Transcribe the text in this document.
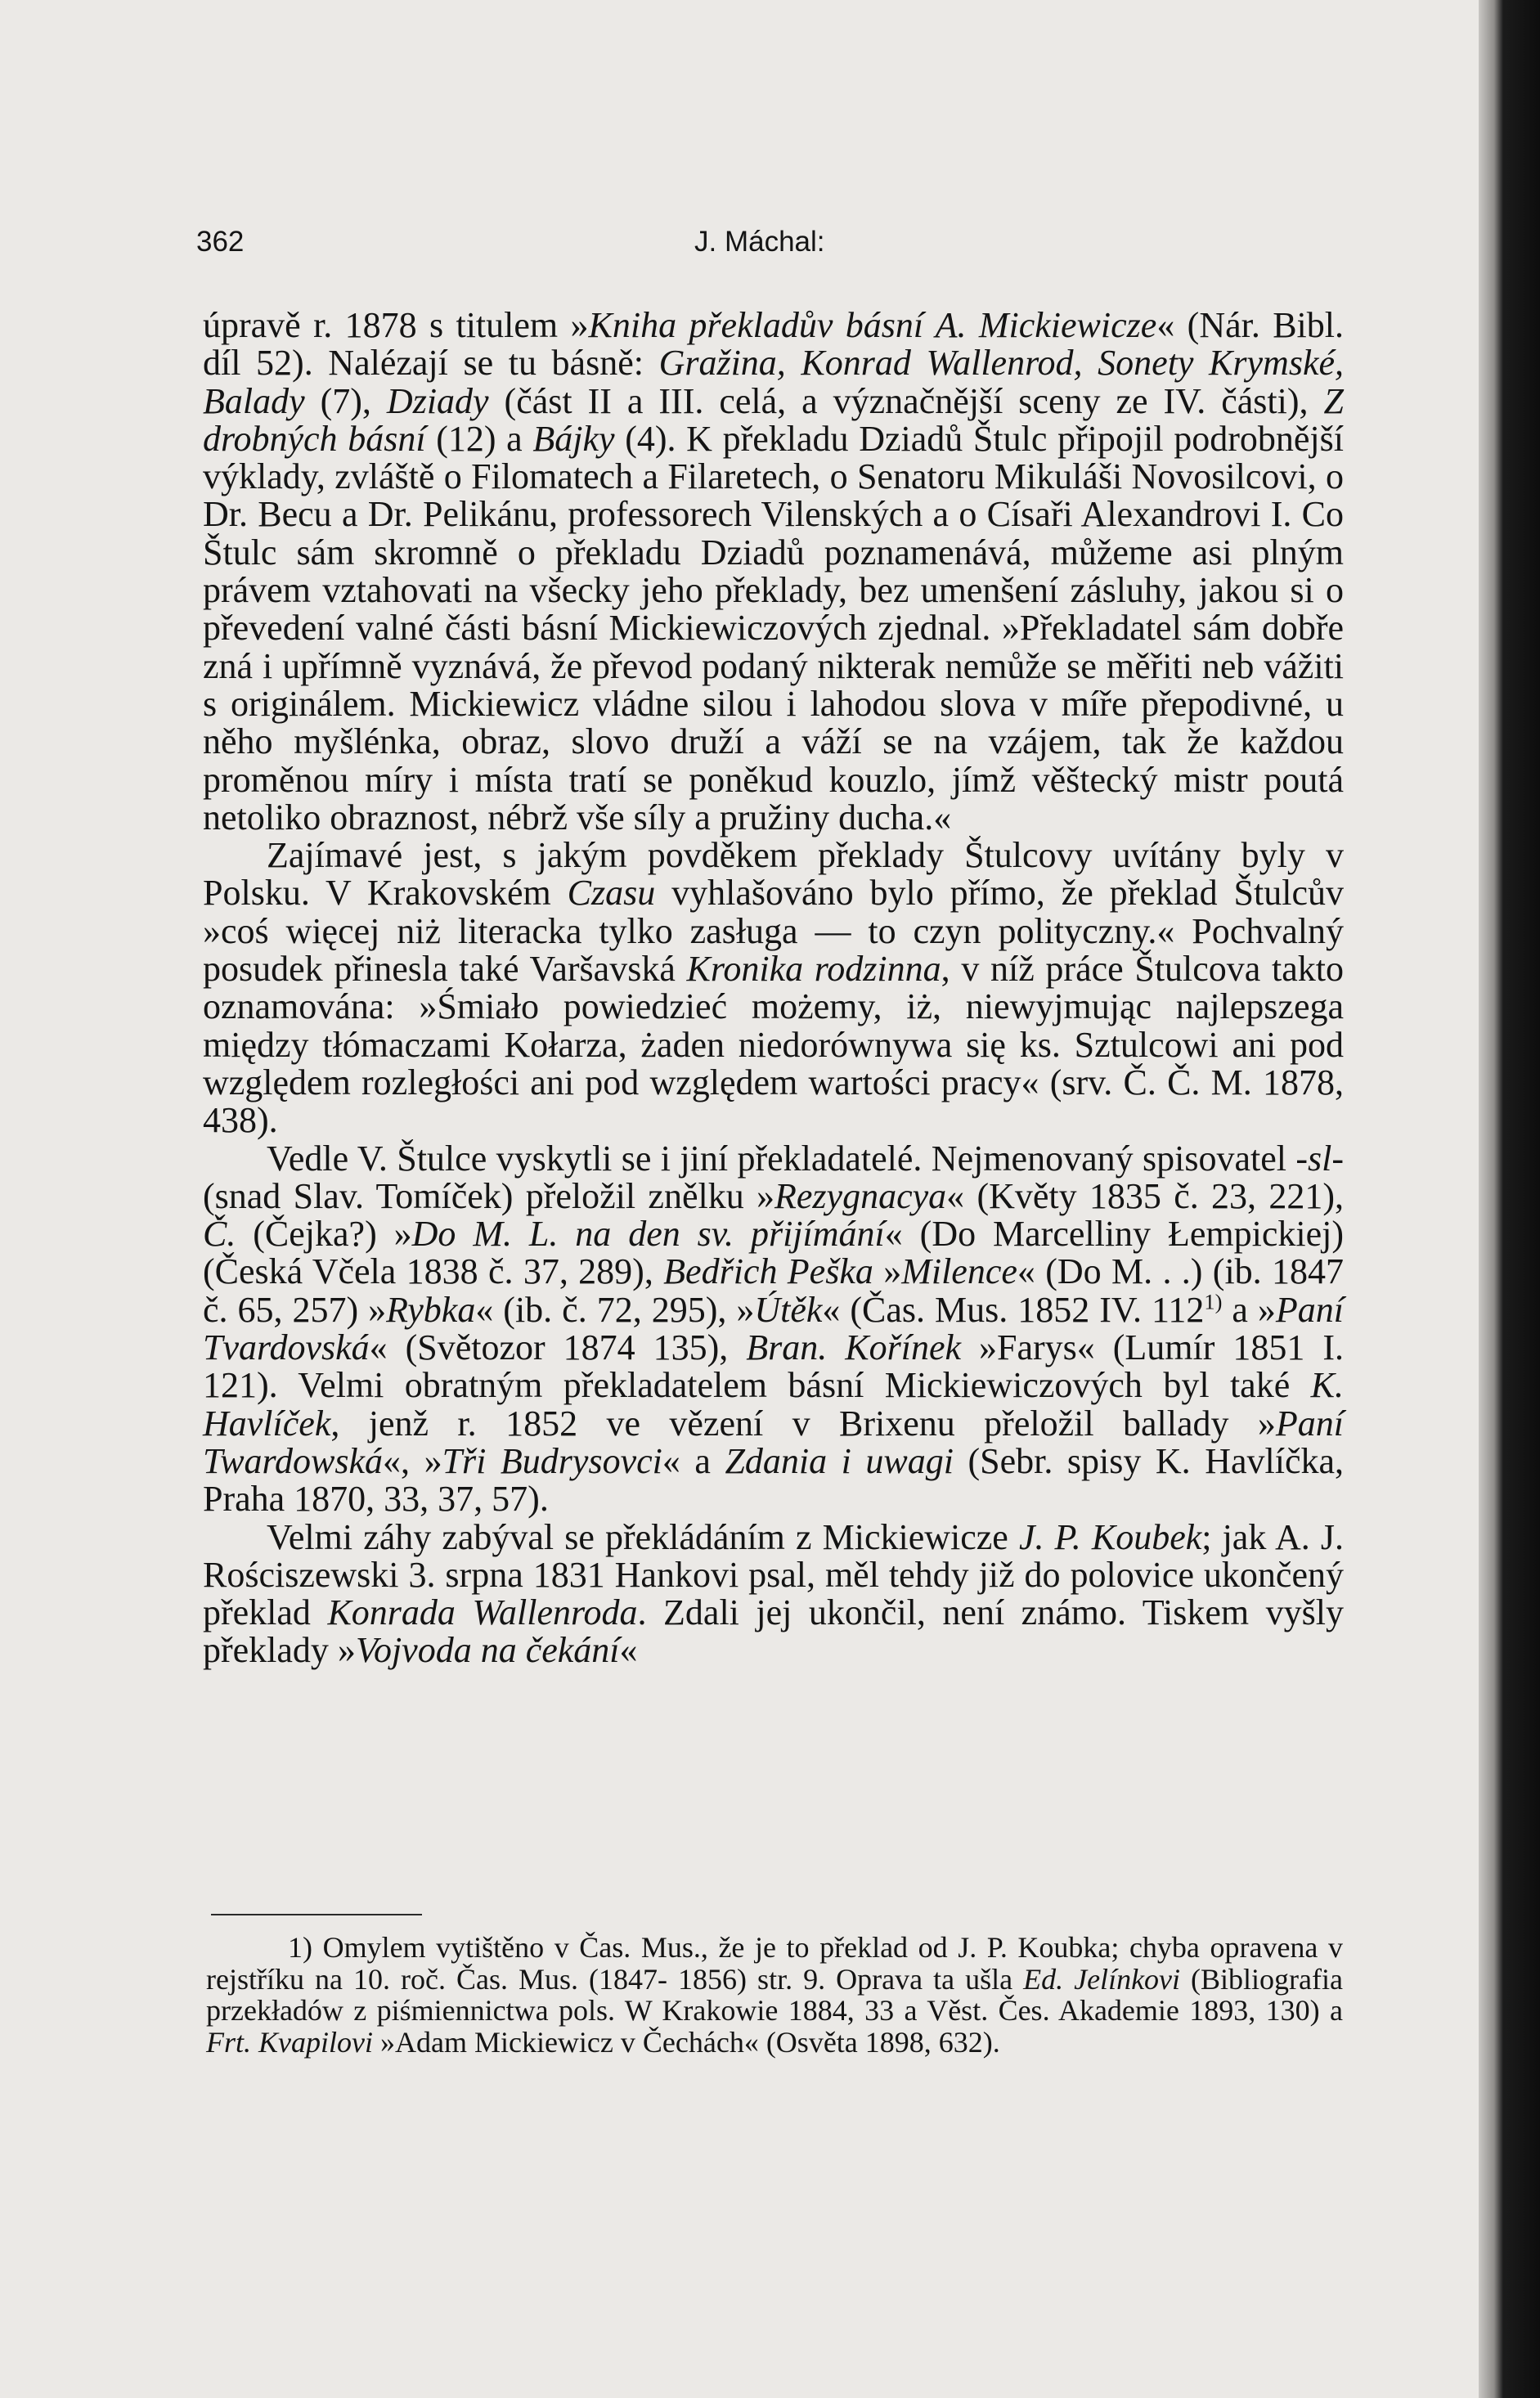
362	J. Máchal:

úpravě r. 1878 s titulem »Kniha překladův básní A. Mickiewicze« (Nár. Bibl. díl 52). Nalézají se tu básně: Gražina, Konrad Wallenrod, Sonety Krymské, Balady (7), Dziady (část II a III. celá, a význačnější sceny ze IV. části), Z drobných básní (12) a Bájky (4). K překladu Dziadů Štulc připojil podrobnější výklady, zvláště o Filomatech a Filaretech, o Senatoru Mikuláši Novosilcovi, o Dr. Becu a Dr. Pelikánu, professorech Vilenských a o Císaři Alexandrovi I. Co Štulc sám skromně o překladu Dziadů poznamenává, můžeme asi plným právem vztahovati na všecky jeho překlady, bez umenšení zásluhy, jakou si o převedení valné části básní Mickiewiczových zjednal. »Překladatel sám dobře zná i upřímně vyznává, že převod podaný nikterak nemůže se měřiti neb vážiti s originálem. Mickiewicz vládne silou i lahodou slova v míře přepodivné, u něho myšlénka, obraz, slovo druží a váží se na vzájem, tak že každou proměnou míry i místa tratí se poněkud kouzlo, jímž věštecký mistr poutá netoliko obraznost, nébrž vše síly a pružiny ducha.«

Zajímavé jest, s jakým povděkem překlady Štulcovy uvítány byly v Polsku. V Krakovském Czasu vyhlašováno bylo přímo, že překlad Štulcův »coś więcej niż literacka tylko zasługa — to czyn polityczny.« Pochvalný posudek přinesla také Varšavská Kronika rodzinna, v níž práce Štulcova takto oznamována: »Śmiało powiedzieć możemy, iż, niewyjmując najlepszega między tłómaczami Kołarza, żaden niedorównywa się ks. Sztulcowi ani pod względem rozległości ani pod względem wartości pracy« (srv. Č. Č. M. 1878, 438).

Vedle V. Štulce vyskytli se i jiní překladatelé. Nejmenovaný spisovatel -sl- (snad Slav. Tomíček) přeložil znělku »Rezygnacya« (Květy 1835 č. 23, 221), Č. (Čejka?) »Do M. L. na den sv. přijímání« (Do Marcelliny Łempickiej) (Česká Včela 1838 č. 37, 289), Bedřich Peška »Milence« (Do M. . .) (ib. 1847 č. 65, 257) »Rybka« (ib. č. 72, 295), »Útěk« (Čas. Mus. 1852 IV. 112$^{1)}$ a »Paní Tvardovská« (Světozor 1874 135), Bran. Kořínek »Farys« (Lumír 1851 I. 121). Velmi obratným překladatelem básní Mickiewiczových byl také K. Havlíček, jenž r. 1852 ve vězení v Brixenu přeložil ballady »Paní Twardowská«, »Tři Budrysovci« a Zdania i uwagi (Sebr. spisy K. Havlíčka, Praha 1870, 33, 37, 57).

Velmi záhy zabýval se překládáním z Mickiewicze J. P. Koubek; jak A. J. Rościszewski 3. srpna 1831 Hankovi psal, měl tehdy již do polovice ukončený překlad Konrada Wallenroda. Zdali jej ukončil, není známo. Tiskem vyšly překlady »Vojvoda na čekání«

1) Omylem vytištěno v Čas. Mus., že je to překlad od J. P. Koubka; chyba opravena v rejstříku na 10. roč. Čas. Mus. (1847- 1856) str. 9. Oprava ta ušla Ed. Jelínkovi (Bibliografia przekładów z piśmiennictwa pols. W Krakowie 1884, 33 a Věst. Čes. Akademie 1893, 130) a Frt. Kvapilovi »Adam Mickiewicz v Čechách« (Osvěta 1898, 632).
